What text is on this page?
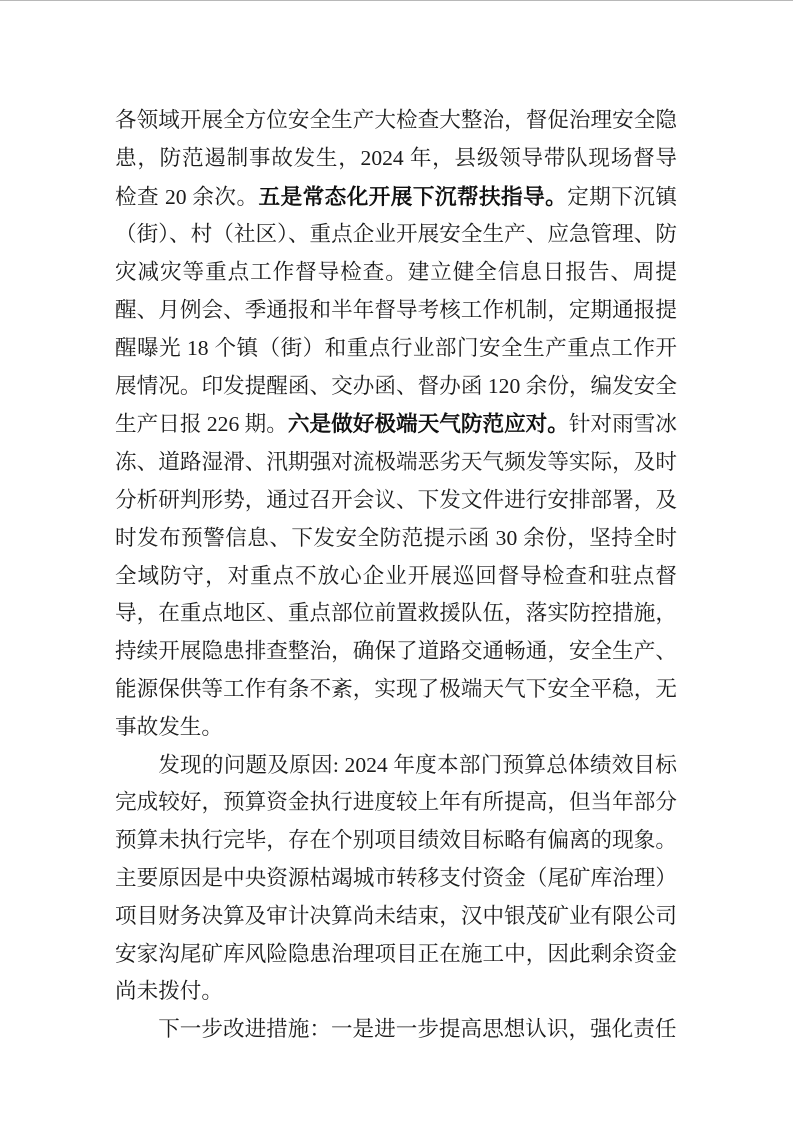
各领域开展全方位安全生产大检查大整治，督促治理安全隐患，防范遏制事故发生，2024 年，县级领导带队现场督导检查 20 余次。五是常态化开展下沉帮扶指导。定期下沉镇（街）、村（社区）、重点企业开展安全生产、应急管理、防灾减灾等重点工作督导检查。建立健全信息日报告、周提醒、月例会、季通报和半年督导考核工作机制，定期通报提醒曝光 18 个镇（街）和重点行业部门安全生产重点工作开展情况。印发提醒函、交办函、督办函 120 余份，编发安全生产日报 226 期。六是做好极端天气防范应对。针对雨雪冰冻、道路湿滑、汛期强对流极端恶劣天气频发等实际，及时分析研判形势，通过召开会议、下发文件进行安排部署，及时发布预警信息、下发安全防范提示函 30 余份，坚持全时全域防守，对重点不放心企业开展巡回督导检查和驻点督导，在重点地区、重点部位前置救援队伍，落实防控措施，持续开展隐患排查整治，确保了道路交通畅通，安全生产、能源保供等工作有条不紊，实现了极端天气下安全平稳，无事故发生。

发现的问题及原因: 2024 年度本部门预算总体绩效目标完成较好，预算资金执行进度较上年有所提高，但当年部分预算未执行完毕，存在个别项目绩效目标略有偏离的现象。主要原因是中央资源枯竭城市转移支付资金（尾矿库治理）项目财务决算及审计决算尚未结束，汉中银茂矿业有限公司安家沟尾矿库风险隐患治理项目正在施工中，因此剩余资金尚未拨付。

下一步改进措施：一是进一步提高思想认识，强化责任
